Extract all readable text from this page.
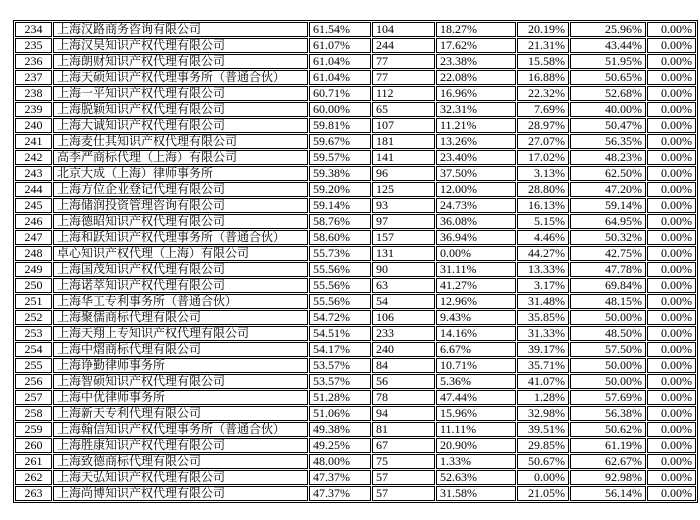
234	上海汉路商务咨询有限公司	61.54%	104	18.27%	20.19%	25.96%	0.00%
235	上海汉昊知识产权代理有限公司	61.07%	244	17.62%	21.31%	43.44%	0.00%
236	上海朗财知识产权代理有限公司	61.04%	77	23.38%	15.58%	51.95%	0.00%
237	上海天硕知识产权代理事务所（普通合伙）	61.04%	77	22.08%	16.88%	50.65%	0.00%
238	上海一平知识产权代理有限公司	60.71%	112	16.96%	22.32%	52.68%	0.00%
239	上海脱颖知识产权代理有限公司	60.00%	65	32.31%	7.69%	40.00%	0.00%
240	上海大诚知识产权代理有限公司	59.81%	107	11.21%	28.97%	50.47%	0.00%
241	上海麦仕其知识产权代理有限公司	59.67%	181	13.26%	27.07%	56.35%	0.00%
242	高李严商标代理（上海）有限公司	59.57%	141	23.40%	17.02%	48.23%	0.00%
243	北京大成（上海）律师事务所	59.38%	96	37.50%	3.13%	62.50%	0.00%
244	上海方位企业登记代理有限公司	59.20%	125	12.00%	28.80%	47.20%	0.00%
245	上海储润投资管理咨询有限公司	59.14%	93	24.73%	16.13%	59.14%	0.00%
246	上海德昭知识产权代理有限公司	58.76%	97	36.08%	5.15%	64.95%	0.00%
247	上海和跃知识产权代理事务所（普通合伙）	58.60%	157	36.94%	4.46%	50.32%	0.00%
248	卓心知识产权代理（上海）有限公司	55.73%	131	0.00%	44.27%	42.75%	0.00%
249	上海国茂知识产权代理有限公司	55.56%	90	31.11%	13.33%	47.78%	0.00%
250	上海诺萃知识产权代理有限公司	55.56%	63	41.27%	3.17%	69.84%	0.00%
251	上海华工专利事务所（普通合伙）	55.56%	54	12.96%	31.48%	48.15%	0.00%
252	上海聚儒商标代理有限公司	54.72%	106	9.43%	35.85%	50.00%	0.00%
253	上海天翔上专知识产权代理有限公司	54.51%	233	14.16%	31.33%	48.50%	0.00%
254	上海中熠商标代理有限公司	54.17%	240	6.67%	39.17%	57.50%	0.00%
255	上海诤勤律师事务所	53.57%	84	10.71%	35.71%	50.00%	0.00%
256	上海智硕知识产权代理有限公司	53.57%	56	5.36%	41.07%	50.00%	0.00%
257	上海中优律师事务所	51.28%	78	47.44%	1.28%	57.69%	0.00%
258	上海新天专利代理有限公司	51.06%	94	15.96%	32.98%	56.38%	0.00%
259	上海翰信知识产权代理事务所（普通合伙）	49.38%	81	11.11%	39.51%	50.62%	0.00%
260	上海胜康知识产权代理有限公司	49.25%	67	20.90%	29.85%	61.19%	0.00%
261	上海致德商标代理有限公司	48.00%	75	1.33%	50.67%	62.67%	0.00%
262	上海天弘知识产权代理有限公司	47.37%	57	52.63%	0.00%	92.98%	0.00%
263	上海尚博知识产权代理有限公司	47.37%	57	31.58%	21.05%	56.14%	0.00%
